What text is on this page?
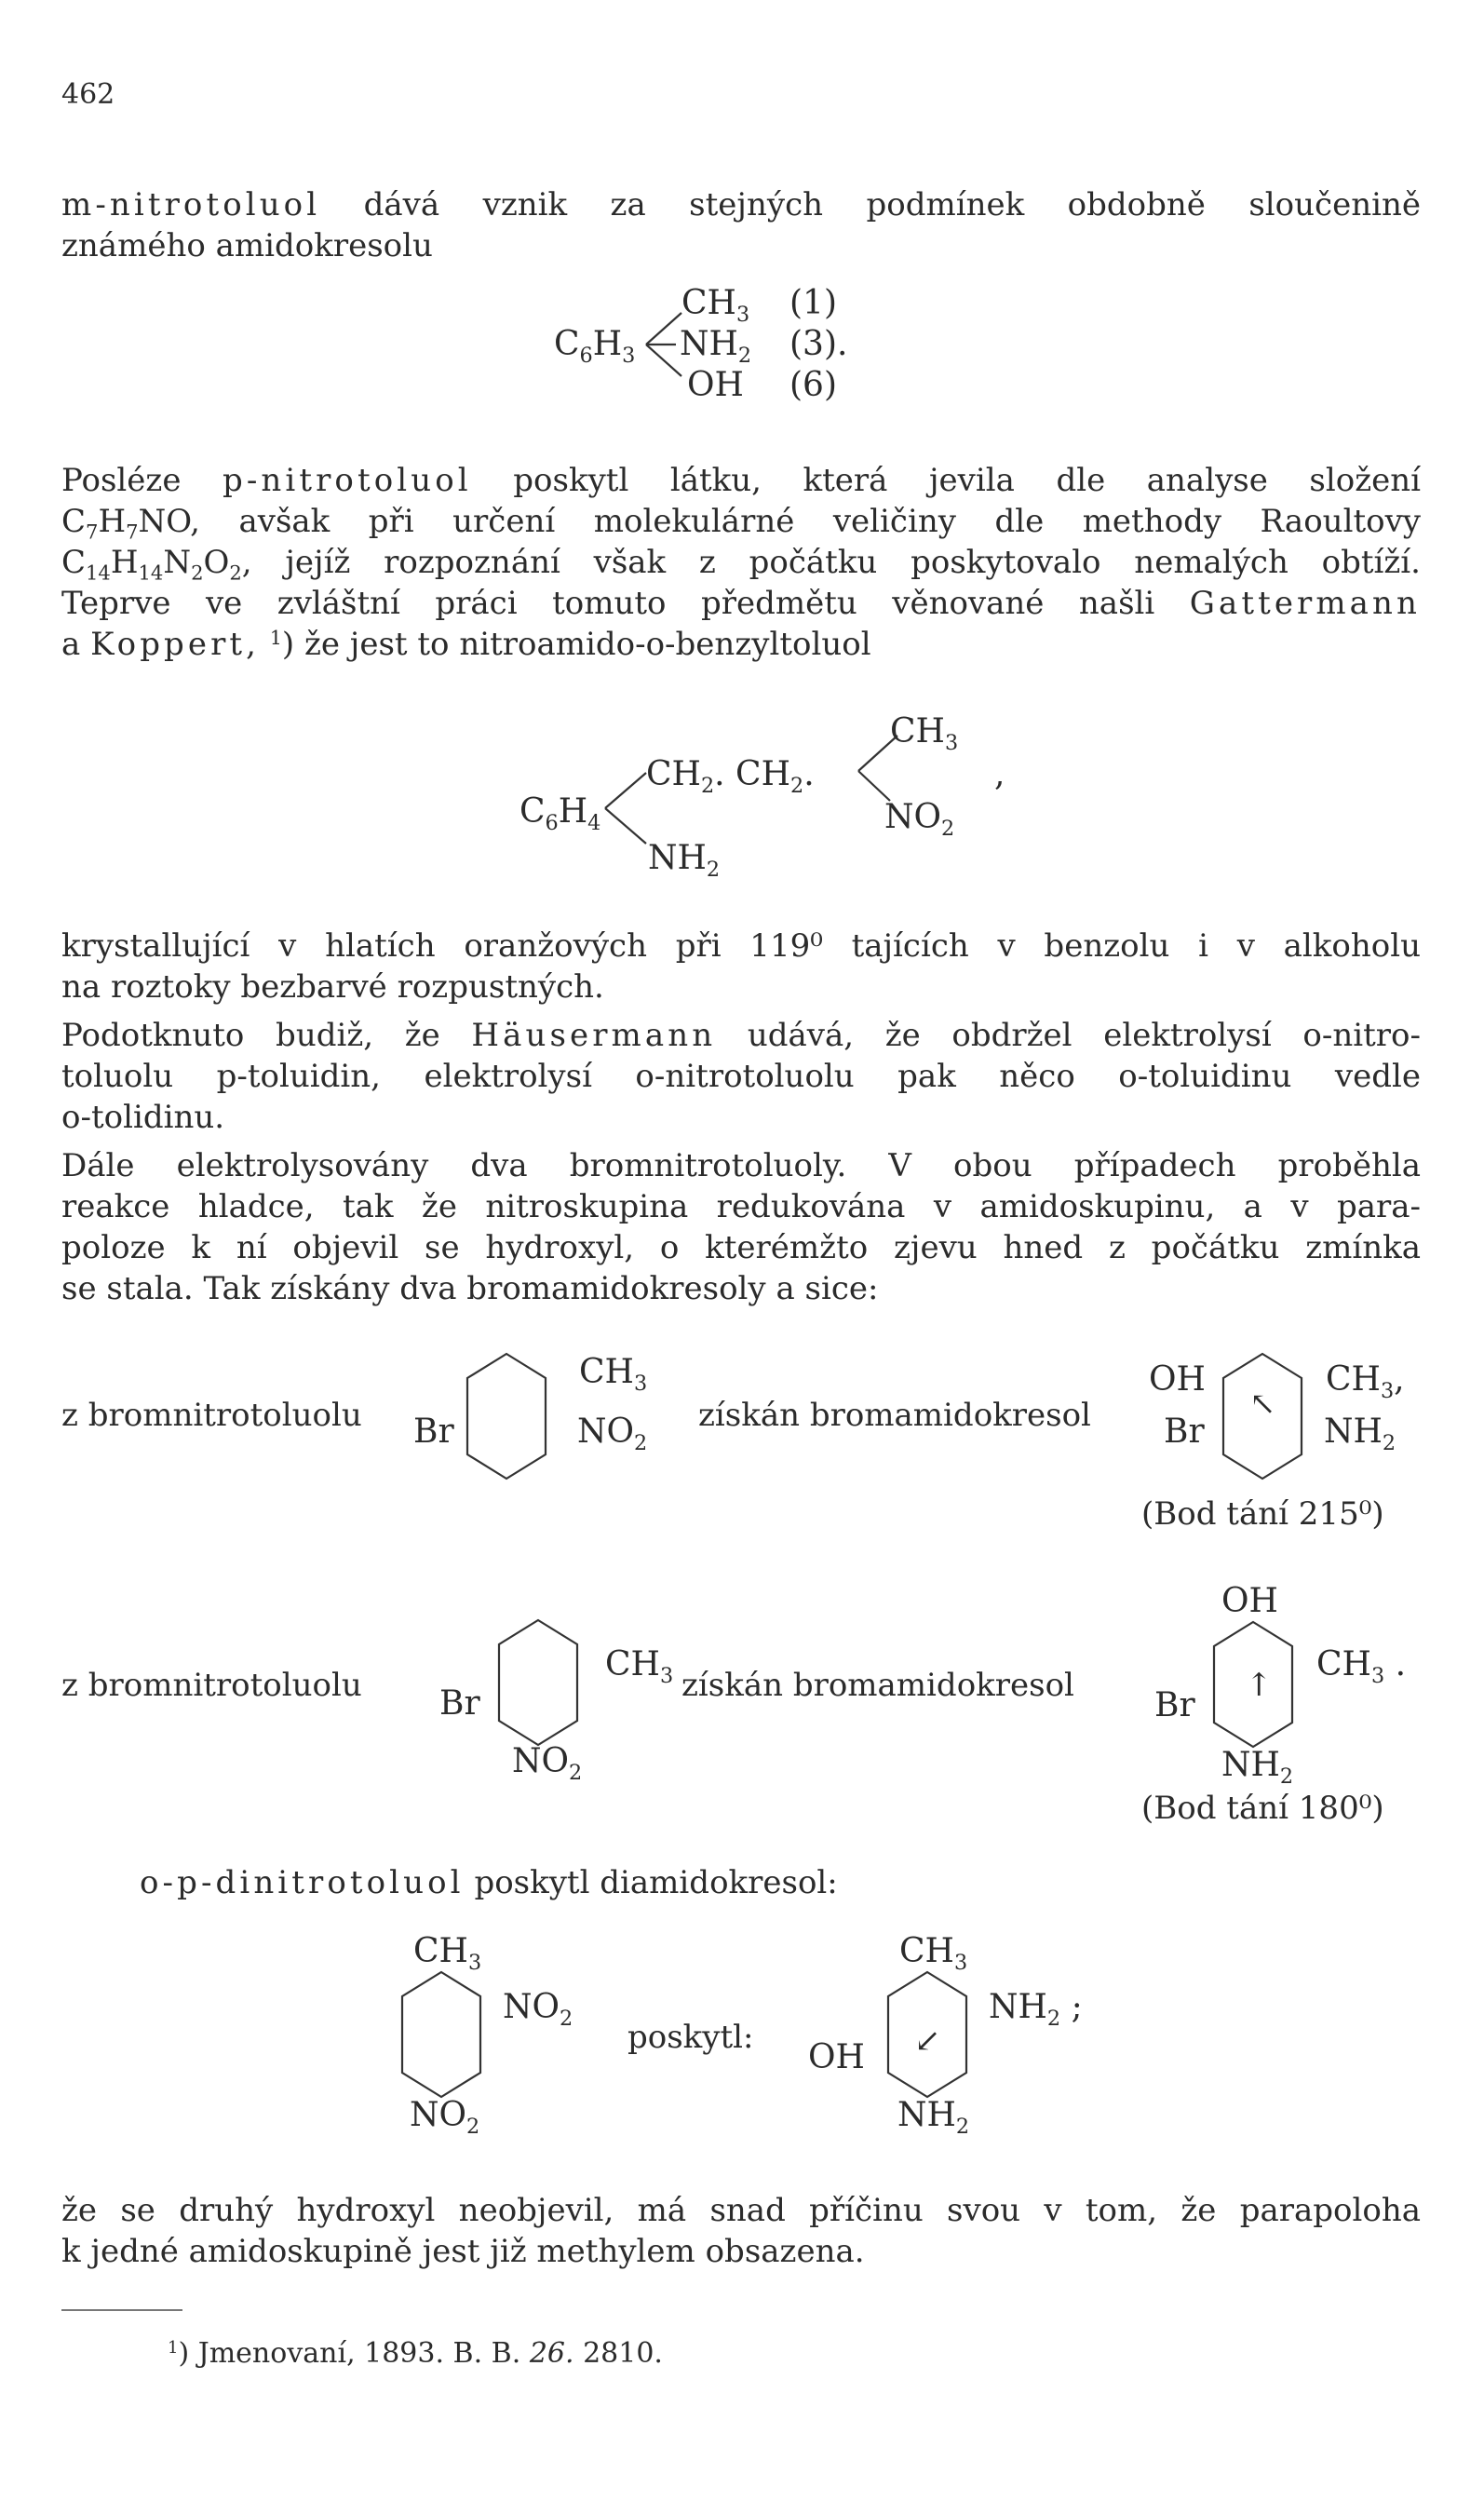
462
m-nitrotoluol dává vznik za stejných podmínek obdobně sloučenině
známého amidokresolu
$C_6H_3$
$CH_3$ (1)
$NH_2$ (3).
OH (6)
Posléze p-nitrotoluol poskytl látku, která jevila dle analyse složení
$C_7H_7NO$, avšak při určení molekulárné veličiny dle methody Raoultovy
$C_{14}H_{14}N_2O_2$, jejíž rozpoznání však z počátku poskytovalo nemalých obtíží.
Teprve ve zvláštní práci tomuto předmětu věnované našli Gattermann
a Koppert, $^1$) že jest to nitroamido-o-benzyltoluol
$C_6H_4$
$CH_2$. $CH_2$.
$CH_3$
$NO_2$
,
$NH_2$
krystallující v hlatích oranžových při 119⁰ tajících v benzolu i v alkoholu
na roztoky bezbarvé rozpustných.
Podotknuto budiž, že Häusermann udává, že obdržel elektrolysí o-nitro-
toluolu p-toluidin, elektrolysí o-nitrotoluolu pak něco o-toluidinu vedle
o-tolidinu.
Dále elektrolysovány dva bromnitrotoluoly. V obou případech proběhla
reakce hladce, tak že nitroskupina redukována v amidoskupinu, a v para-
poloze k ní objevil se hydroxyl, o kterémžto zjevu hned z počátku zmínka
se stala. Tak získány dva bromamidokresoly a sice:
z bromnitrotoluolu Br
$CH_3$
$NO_2$
získán bromamidokresol
OH
Br
↖
$CH_3$,
$NH_2$
(Bod tání 215⁰)
OH
z bromnitrotoluolu Br
$CH_3$
$NO_2$
získán bromamidokresol
Br
↑
$CH_3$ .
$NH_2$
(Bod tání 180⁰)
o-p-dinitrotoluol poskytl diamidokresol:
$CH_3$
$NO_2$
$NO_2$
poskytl:
$CH_3$
OH ↙
$NH_2$ ;
$NH_2$
že se druhý hydroxyl neobjevil, má snad příčinu svou v tom, že parapoloha
k jedné amidoskupině jest již methylem obsazena.
$^1$) Jmenovaní, 1893. B. B. 26. 2810.
